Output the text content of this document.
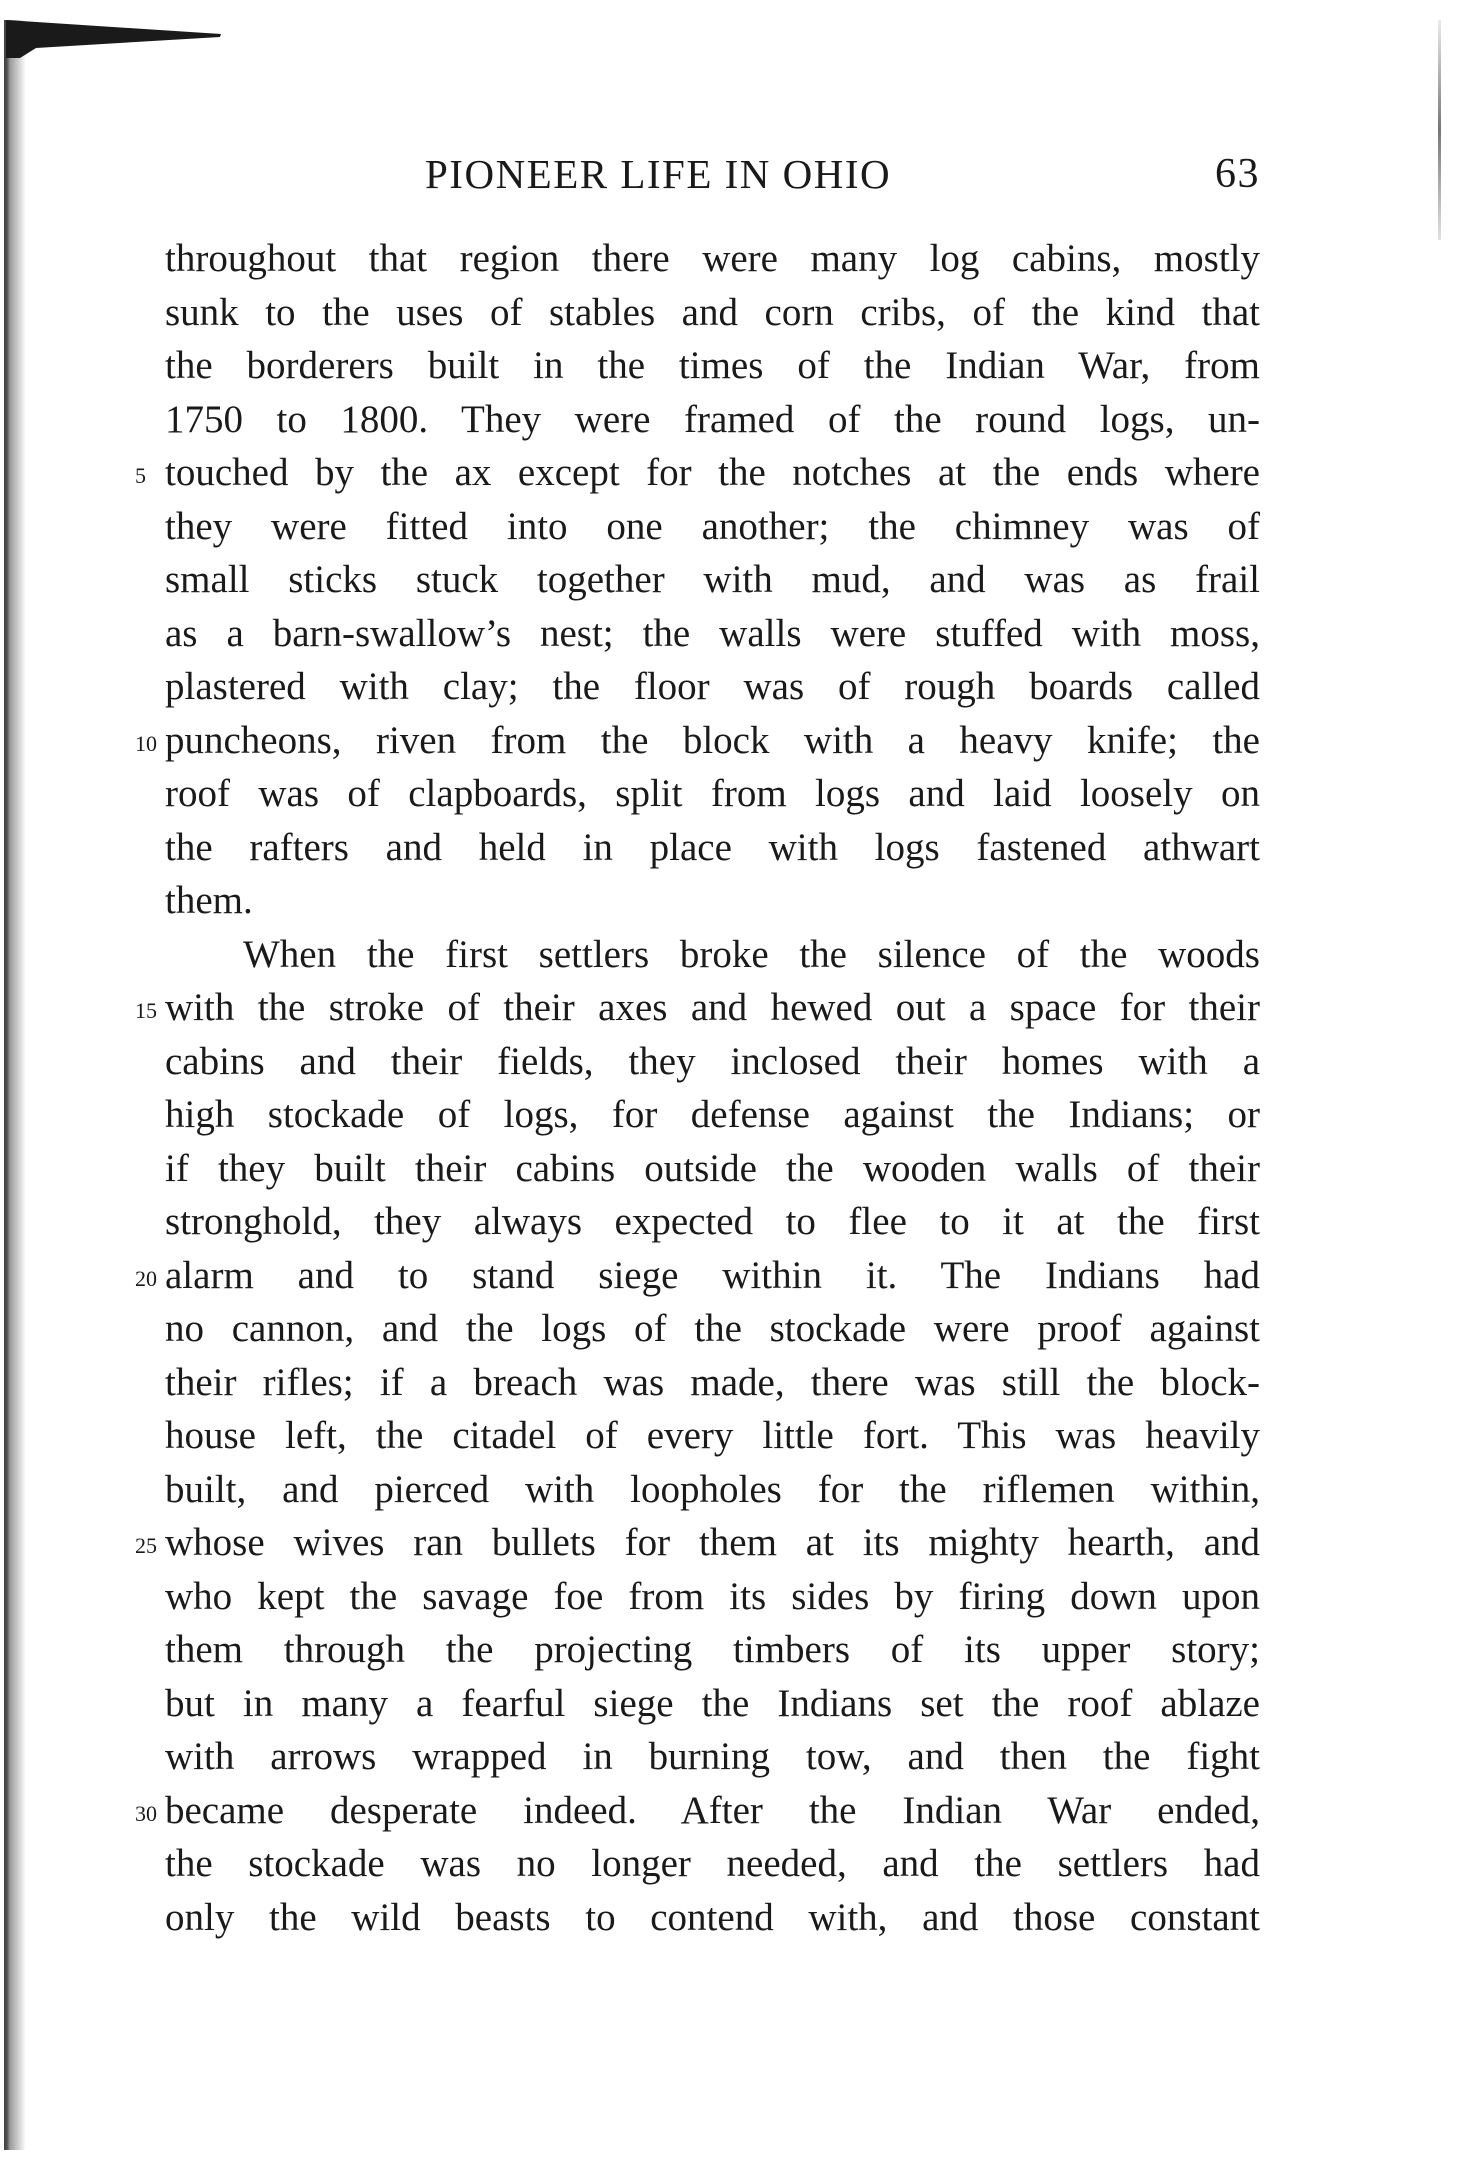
PIONEER LIFE IN OHIO	63
throughout that region there were many log cabins, mostly
sunk to the uses of stables and corn cribs, of the kind that
the borderers built in the times of the Indian War, from
1750 to 1800. They were framed of the round logs, un-
5 touched by the ax except for the notches at the ends where
they were fitted into one another; the chimney was of
small sticks stuck together with mud, and was as frail
as a barn-swallow’s nest; the walls were stuffed with moss,
plastered with clay; the floor was of rough boards called
10 puncheons, riven from the block with a heavy knife; the
roof was of clapboards, split from logs and laid loosely on
the rafters and held in place with logs fastened athwart
them.
When the first settlers broke the silence of the woods
15 with the stroke of their axes and hewed out a space for their
cabins and their fields, they inclosed their homes with a
high stockade of logs, for defense against the Indians; or
if they built their cabins outside the wooden walls of their
stronghold, they always expected to flee to it at the first
20 alarm and to stand siege within it. The Indians had
no cannon, and the logs of the stockade were proof against
their rifles; if a breach was made, there was still the block-
house left, the citadel of every little fort. This was heavily
built, and pierced with loopholes for the riflemen within,
25 whose wives ran bullets for them at its mighty hearth, and
who kept the savage foe from its sides by firing down upon
them through the projecting timbers of its upper story;
but in many a fearful siege the Indians set the roof ablaze
with arrows wrapped in burning tow, and then the fight
30 became desperate indeed. After the Indian War ended,
the stockade was no longer needed, and the settlers had
only the wild beasts to contend with, and those constant
